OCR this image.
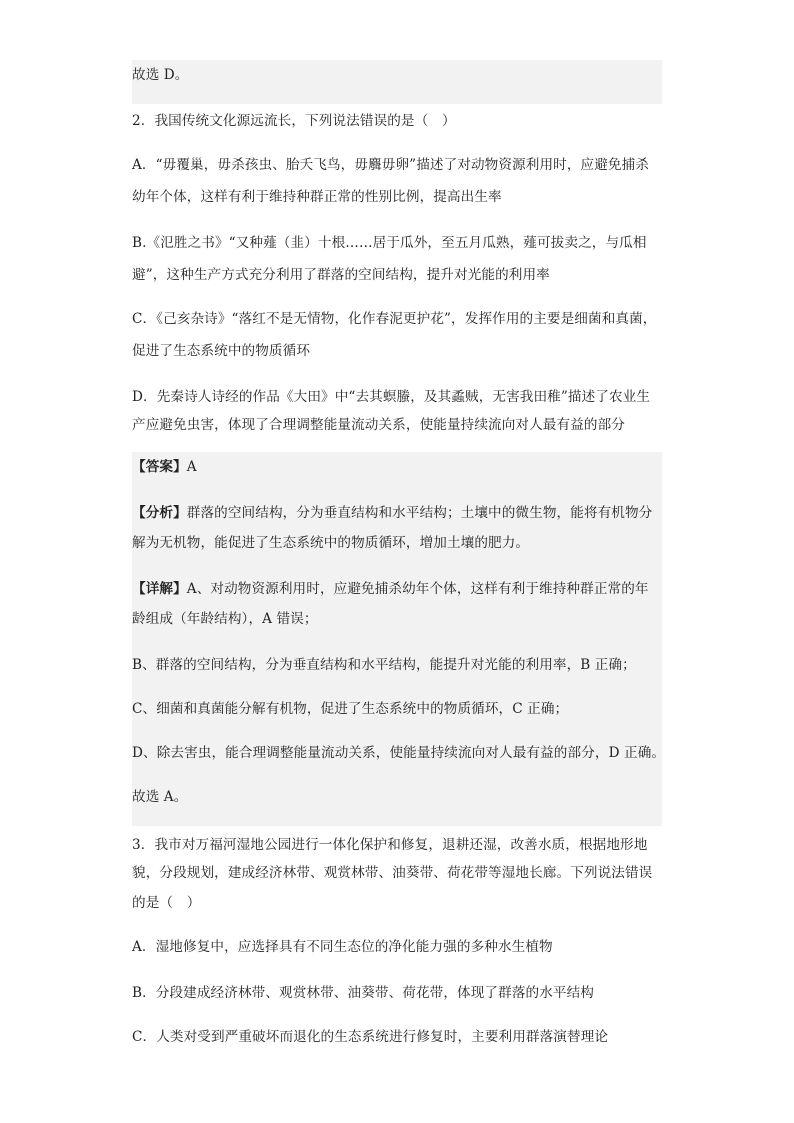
故选 D。
2．我国传统文化源远流长，下列说法错误的是（　）
A．“毋覆巢，毋杀孩虫、胎夭飞鸟，毋麛毋卵”描述了对动物资源利用时，应避免捕杀
幼年个体，这样有利于维持种群正常的性别比例，提高出生率
B.《氾胜之书》“又种薤（韭）十根……居于瓜外，至五月瓜熟，薤可拔卖之，与瓜相
避”，这种生产方式充分利用了群落的空间结构，提升对光能的利用率
C．《己亥杂诗》“落红不是无情物，化作春泥更护花”，发挥作用的主要是细菌和真菌，
促进了生态系统中的物质循环
D．先秦诗人诗经的作品《大田》中“去其螟螣，及其蟊贼，无害我田稚”描述了农业生
产应避免虫害，体现了合理调整能量流动关系，使能量持续流向对人最有益的部分
【答案】A
【分析】群落的空间结构，分为垂直结构和水平结构；土壤中的微生物，能将有机物分
解为无机物，能促进了生态系统中的物质循环，增加土壤的肥力。
【详解】A、对动物资源利用时，应避免捕杀幼年个体，这样有利于维持种群正常的年
龄组成（年龄结构），A 错误；
B、群落的空间结构，分为垂直结构和水平结构，能提升对光能的利用率，B 正确；
C、细菌和真菌能分解有机物，促进了生态系统中的物质循环，C 正确；
D、除去害虫，能合理调整能量流动关系，使能量持续流向对人最有益的部分，D 正确。
故选 A。
3．我市对万福河湿地公园进行一体化保护和修复，退耕还湿，改善水质，根据地形地
貌，分段规划，建成经济林带、观赏林带、油葵带、荷花带等湿地长廊。下列说法错误
的是（　）
A．湿地修复中，应选择具有不同生态位的净化能力强的多种水生植物
B．分段建成经济林带、观赏林带、油葵带、荷花带，体现了群落的水平结构
C．人类对受到严重破坏而退化的生态系统进行修复时，主要利用群落演替理论
